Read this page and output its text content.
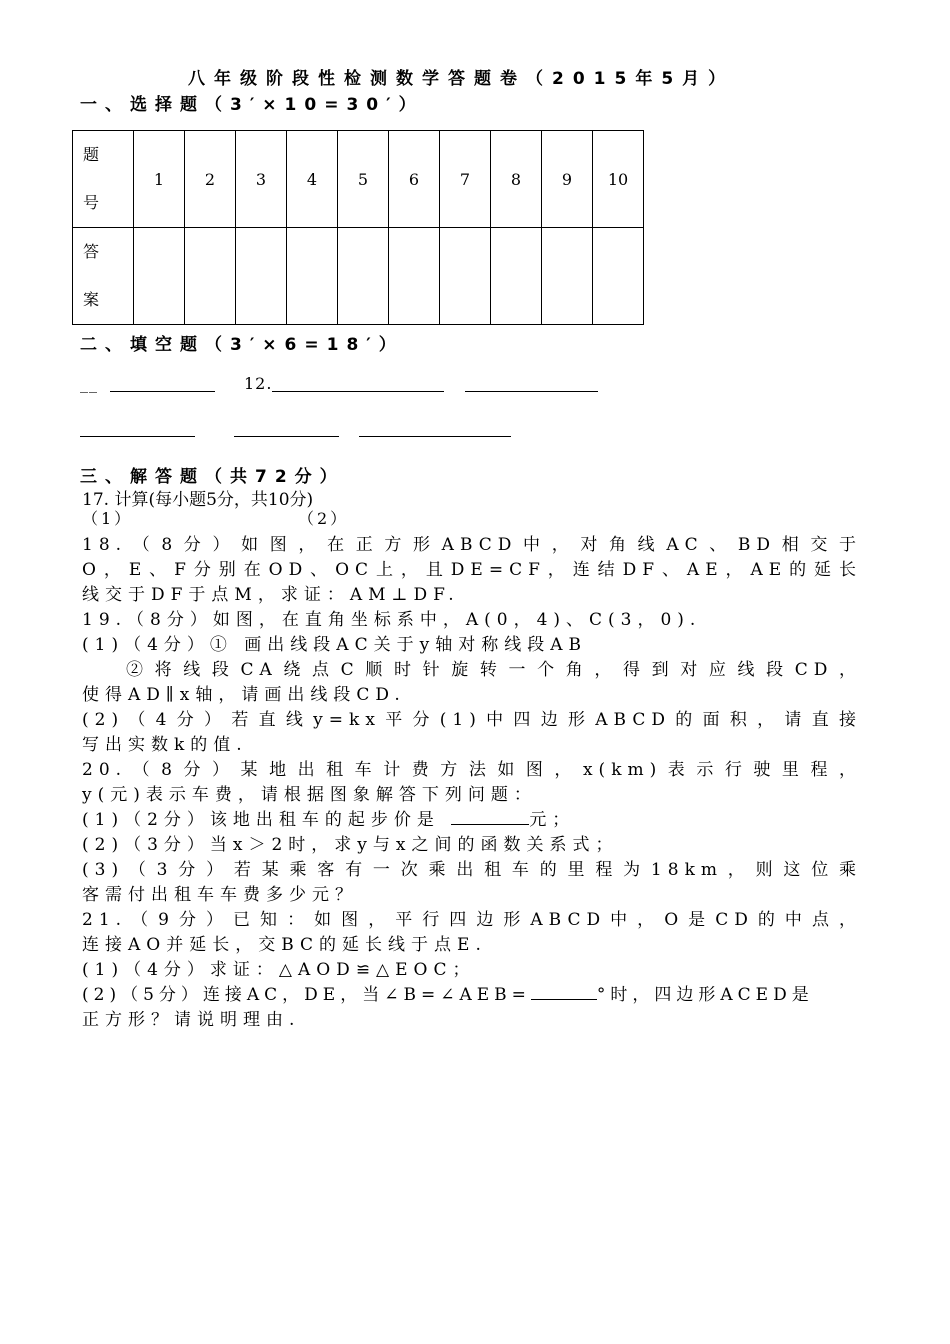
八年级阶段性检测数学答题卷（2015年5月）
一、选择题（3′×10=30′）
题
号	1	2	3	4	5	6	7	8	9	10
答
案										
二、填空题（3′×6=18′）
__	12.
三、解答题（共72分）
17. 计算(每小题5分，共10分)
（1）	（2）
18.（8分）如图，在正方形ABCD中，对角线AC、BD相交于
O，E、F分别在OD、OC上，且DE=CF，连结DF、AE，AE的延长
线交于DF于点M，求证：AM⊥DF.
19.（8分）如图，在直角坐标系中，A(0，4)、C(3，0).
(1)（4分）① 画出线段AC关于y轴对称线段AB
②将线段CA绕点C顺时针旋转一个角，得到对应线段CD，
使得AD∥x轴，请画出线段CD.
(2)（4分）若直线y=kx平分(1)中四边形ABCD的面积，请直接
写出实数k的值.
20.（8分）某地出租车计费方法如图，x(km)表示行驶里程，
y(元)表示车费，请根据图象解答下列问题：
(1)（2分）该地出租车的起步价是	元；
(2)（3分）当x＞2时，求y与x之间的函数关系式；
(3)（3分）若某乘客有一次乘出租车的里程为18km，则这位乘
客需付出租车车费多少元？
21.（9分）已知：如图，平行四边形ABCD中，O是CD的中点，
连接AO并延长，交BC的延长线于点E.
(1)（4分）求证：△AOD≌△EOC；
(2)（5分）连接AC，DE，当∠B=∠AEB=	°时，四边形ACED是
正方形？请说明理由.
